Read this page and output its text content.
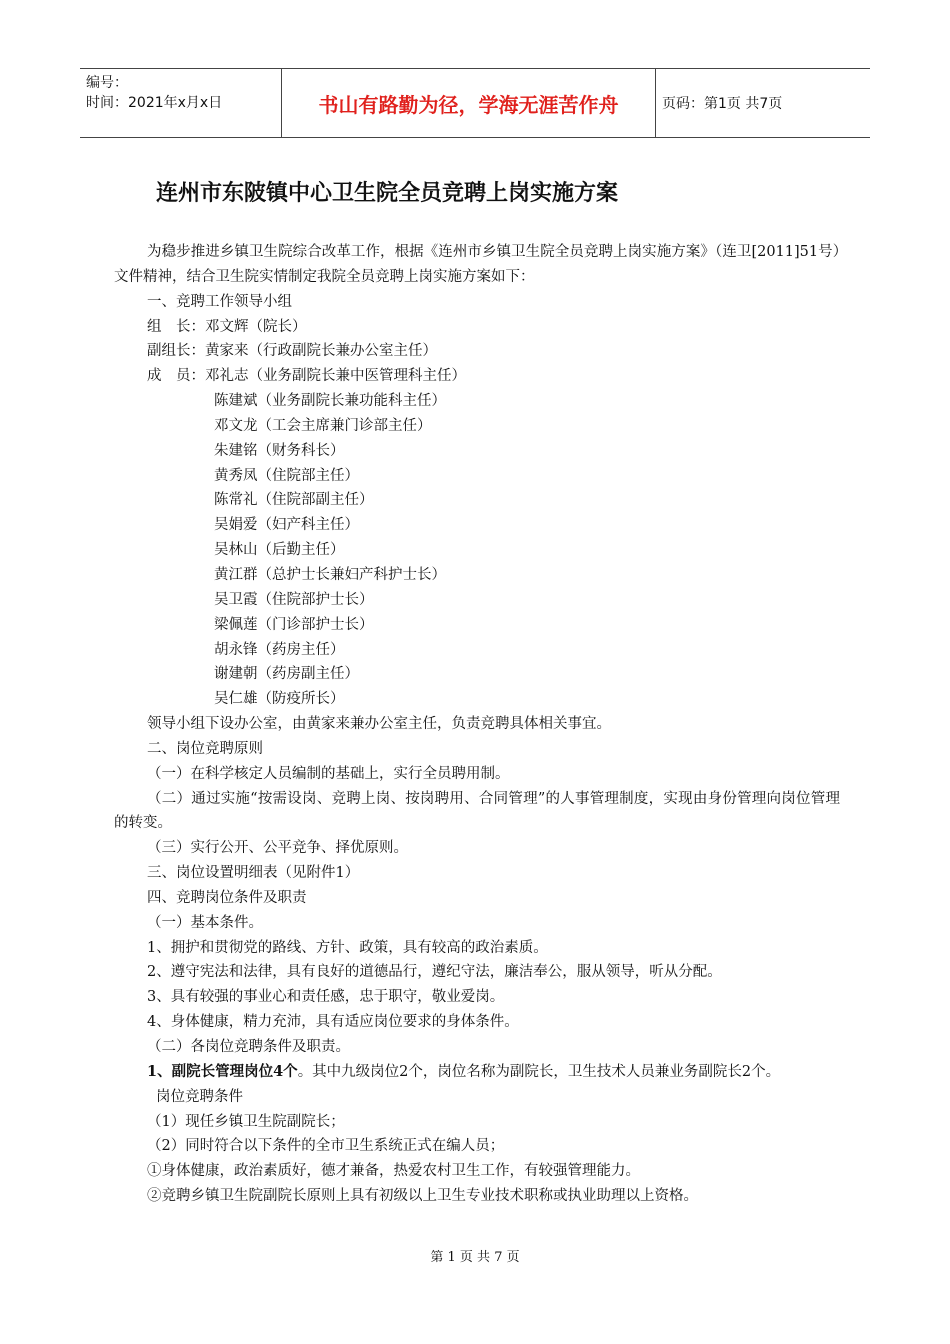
编号：
时间：2021年x月x日	书山有路勤为径，学海无涯苦作舟	页码：第1页 共7页
连州市东陂镇中心卫生院全员竞聘上岗实施方案

为稳步推进乡镇卫生院综合改革工作，根据《连州市乡镇卫生院全员竞聘上岗实施方案》（连卫[2011]51号）文件精神，结合卫生院实情制定我院全员竞聘上岗实施方案如下：

一、竞聘工作领导小组

组　长：邓文辉（院长）

副组长：黄家来（行政副院长兼办公室主任）

成　员：邓礼志（业务副院长兼中医管理科主任）

陈建斌（业务副院长兼功能科主任）

邓文龙（工会主席兼门诊部主任）

朱建铭（财务科长）

黄秀凤（住院部主任）

陈常礼（住院部副主任）

吴娟爱（妇产科主任）

吴林山（后勤主任）

黄江群（总护士长兼妇产科护士长）

吴卫霞（住院部护士长）

梁佩莲（门诊部护士长）

胡永锋（药房主任）

谢建朝（药房副主任）

吴仁雄（防疫所长）

领导小组下设办公室，由黄家来兼办公室主任，负责竞聘具体相关事宜。

二、岗位竞聘原则

（一）在科学核定人员编制的基础上，实行全员聘用制。

（二）通过实施“按需设岗、竞聘上岗、按岗聘用、合同管理”的人事管理制度，实现由身份管理向岗位管理的转变。

（三）实行公开、公平竞争、择优原则。

三、岗位设置明细表（见附件1）

四、竞聘岗位条件及职责

（一）基本条件。

1、拥护和贯彻党的路线、方针、政策，具有较高的政治素质。

2、遵守宪法和法律，具有良好的道德品行，遵纪守法，廉洁奉公，服从领导，听从分配。

3、具有较强的事业心和责任感，忠于职守，敬业爱岗。

4、身体健康，精力充沛，具有适应岗位要求的身体条件。

（二）各岗位竞聘条件及职责。

1、副院长管理岗位4个。其中九级岗位2个，岗位名称为副院长，卫生技术人员兼业务副院长2个。

岗位竞聘条件

（1）现任乡镇卫生院副院长；

（2）同时符合以下条件的全市卫生系统正式在编人员；

①身体健康，政治素质好，德才兼备，热爱农村卫生工作，有较强管理能力。

②竞聘乡镇卫生院副院长原则上具有初级以上卫生专业技术职称或执业助理以上资格。

第 1 页 共 7 页
